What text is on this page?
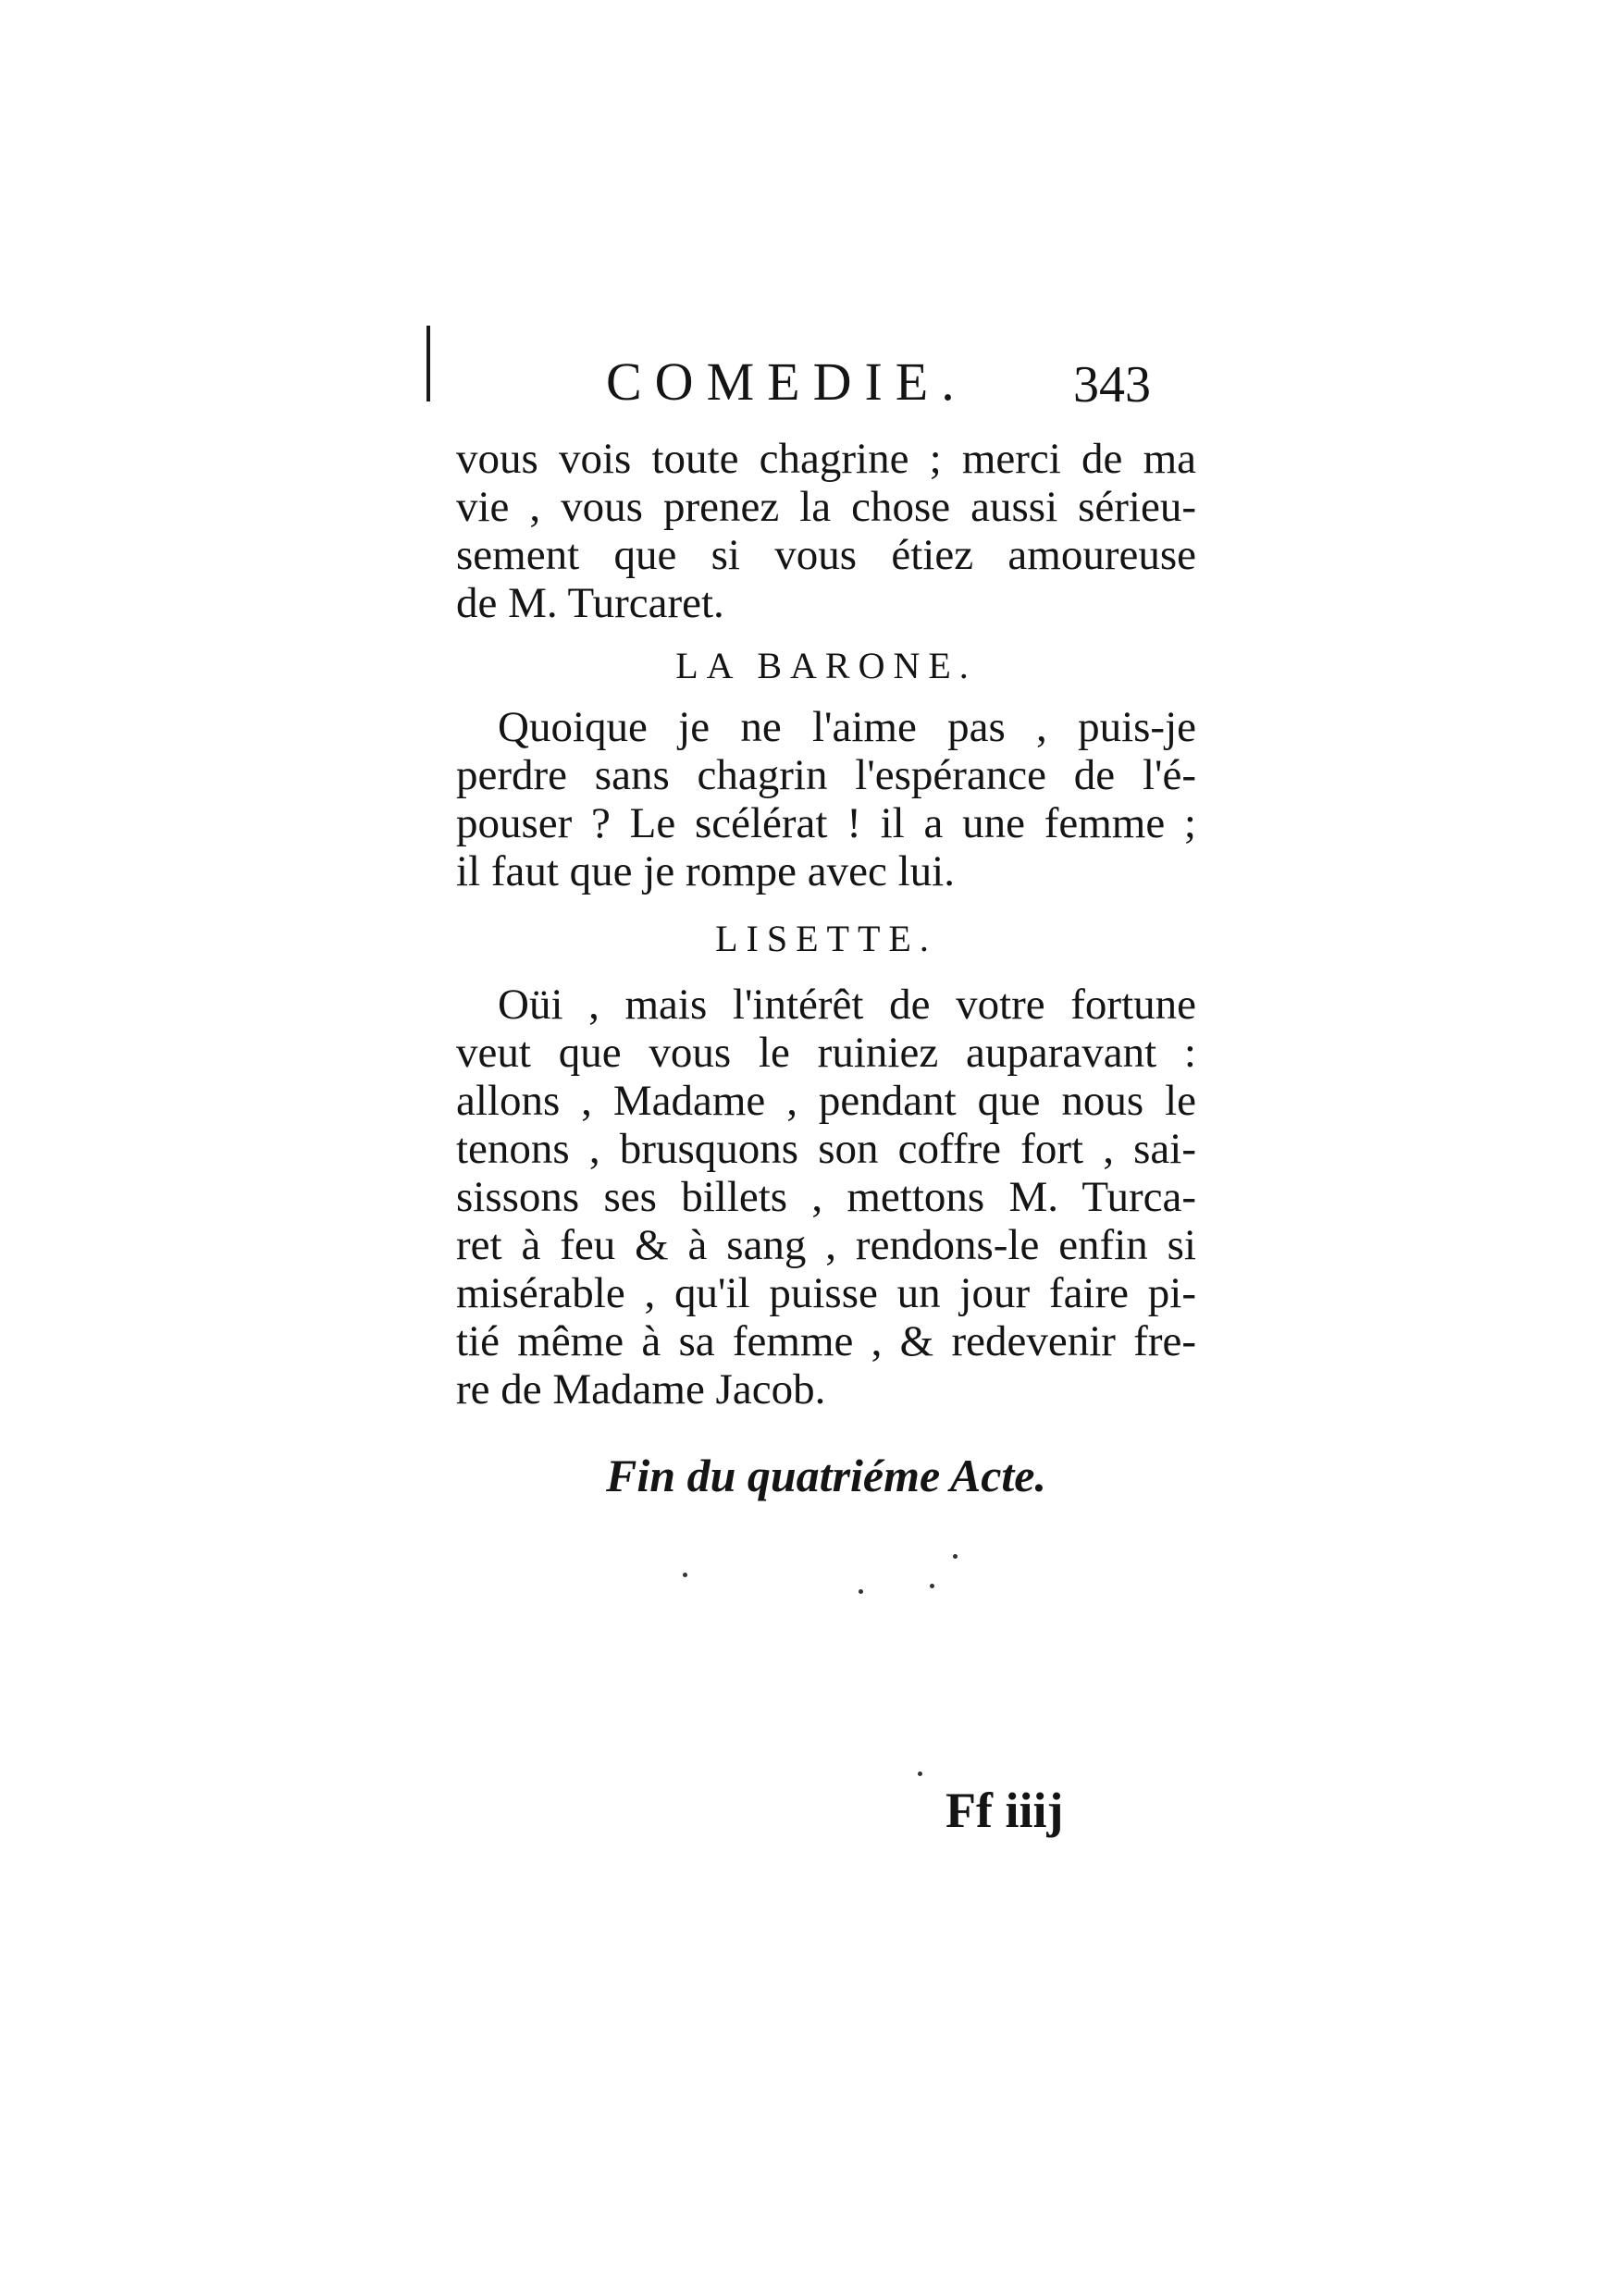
COMEDIE. 343
vous vois toute chagrine ; merci de ma
vie , vous prenez la chose aussi sérieu-
sement que si vous étiez amoureuse
de M. Turcaret.
LA BARONE.
Quoique je ne l'aime pas , puis-je
perdre sans chagrin l'espérance de l'é-
pouser ? Le scélérat ! il a une femme ;
il faut que je rompe avec lui.
LISETTE.
Oüi , mais l'intérêt de votre fortune
veut que vous le ruiniez auparavant :
allons , Madame , pendant que nous le
tenons , brusquons son coffre fort , sai-
sissons ses billets , mettons M. Turca-
ret à feu & à sang , rendons-le enfin si
misérable , qu'il puisse un jour faire pi-
tié même à sa femme , & redevenir fre-
re de Madame Jacob.
Fin du quatriéme Acte.
Ff iiij
